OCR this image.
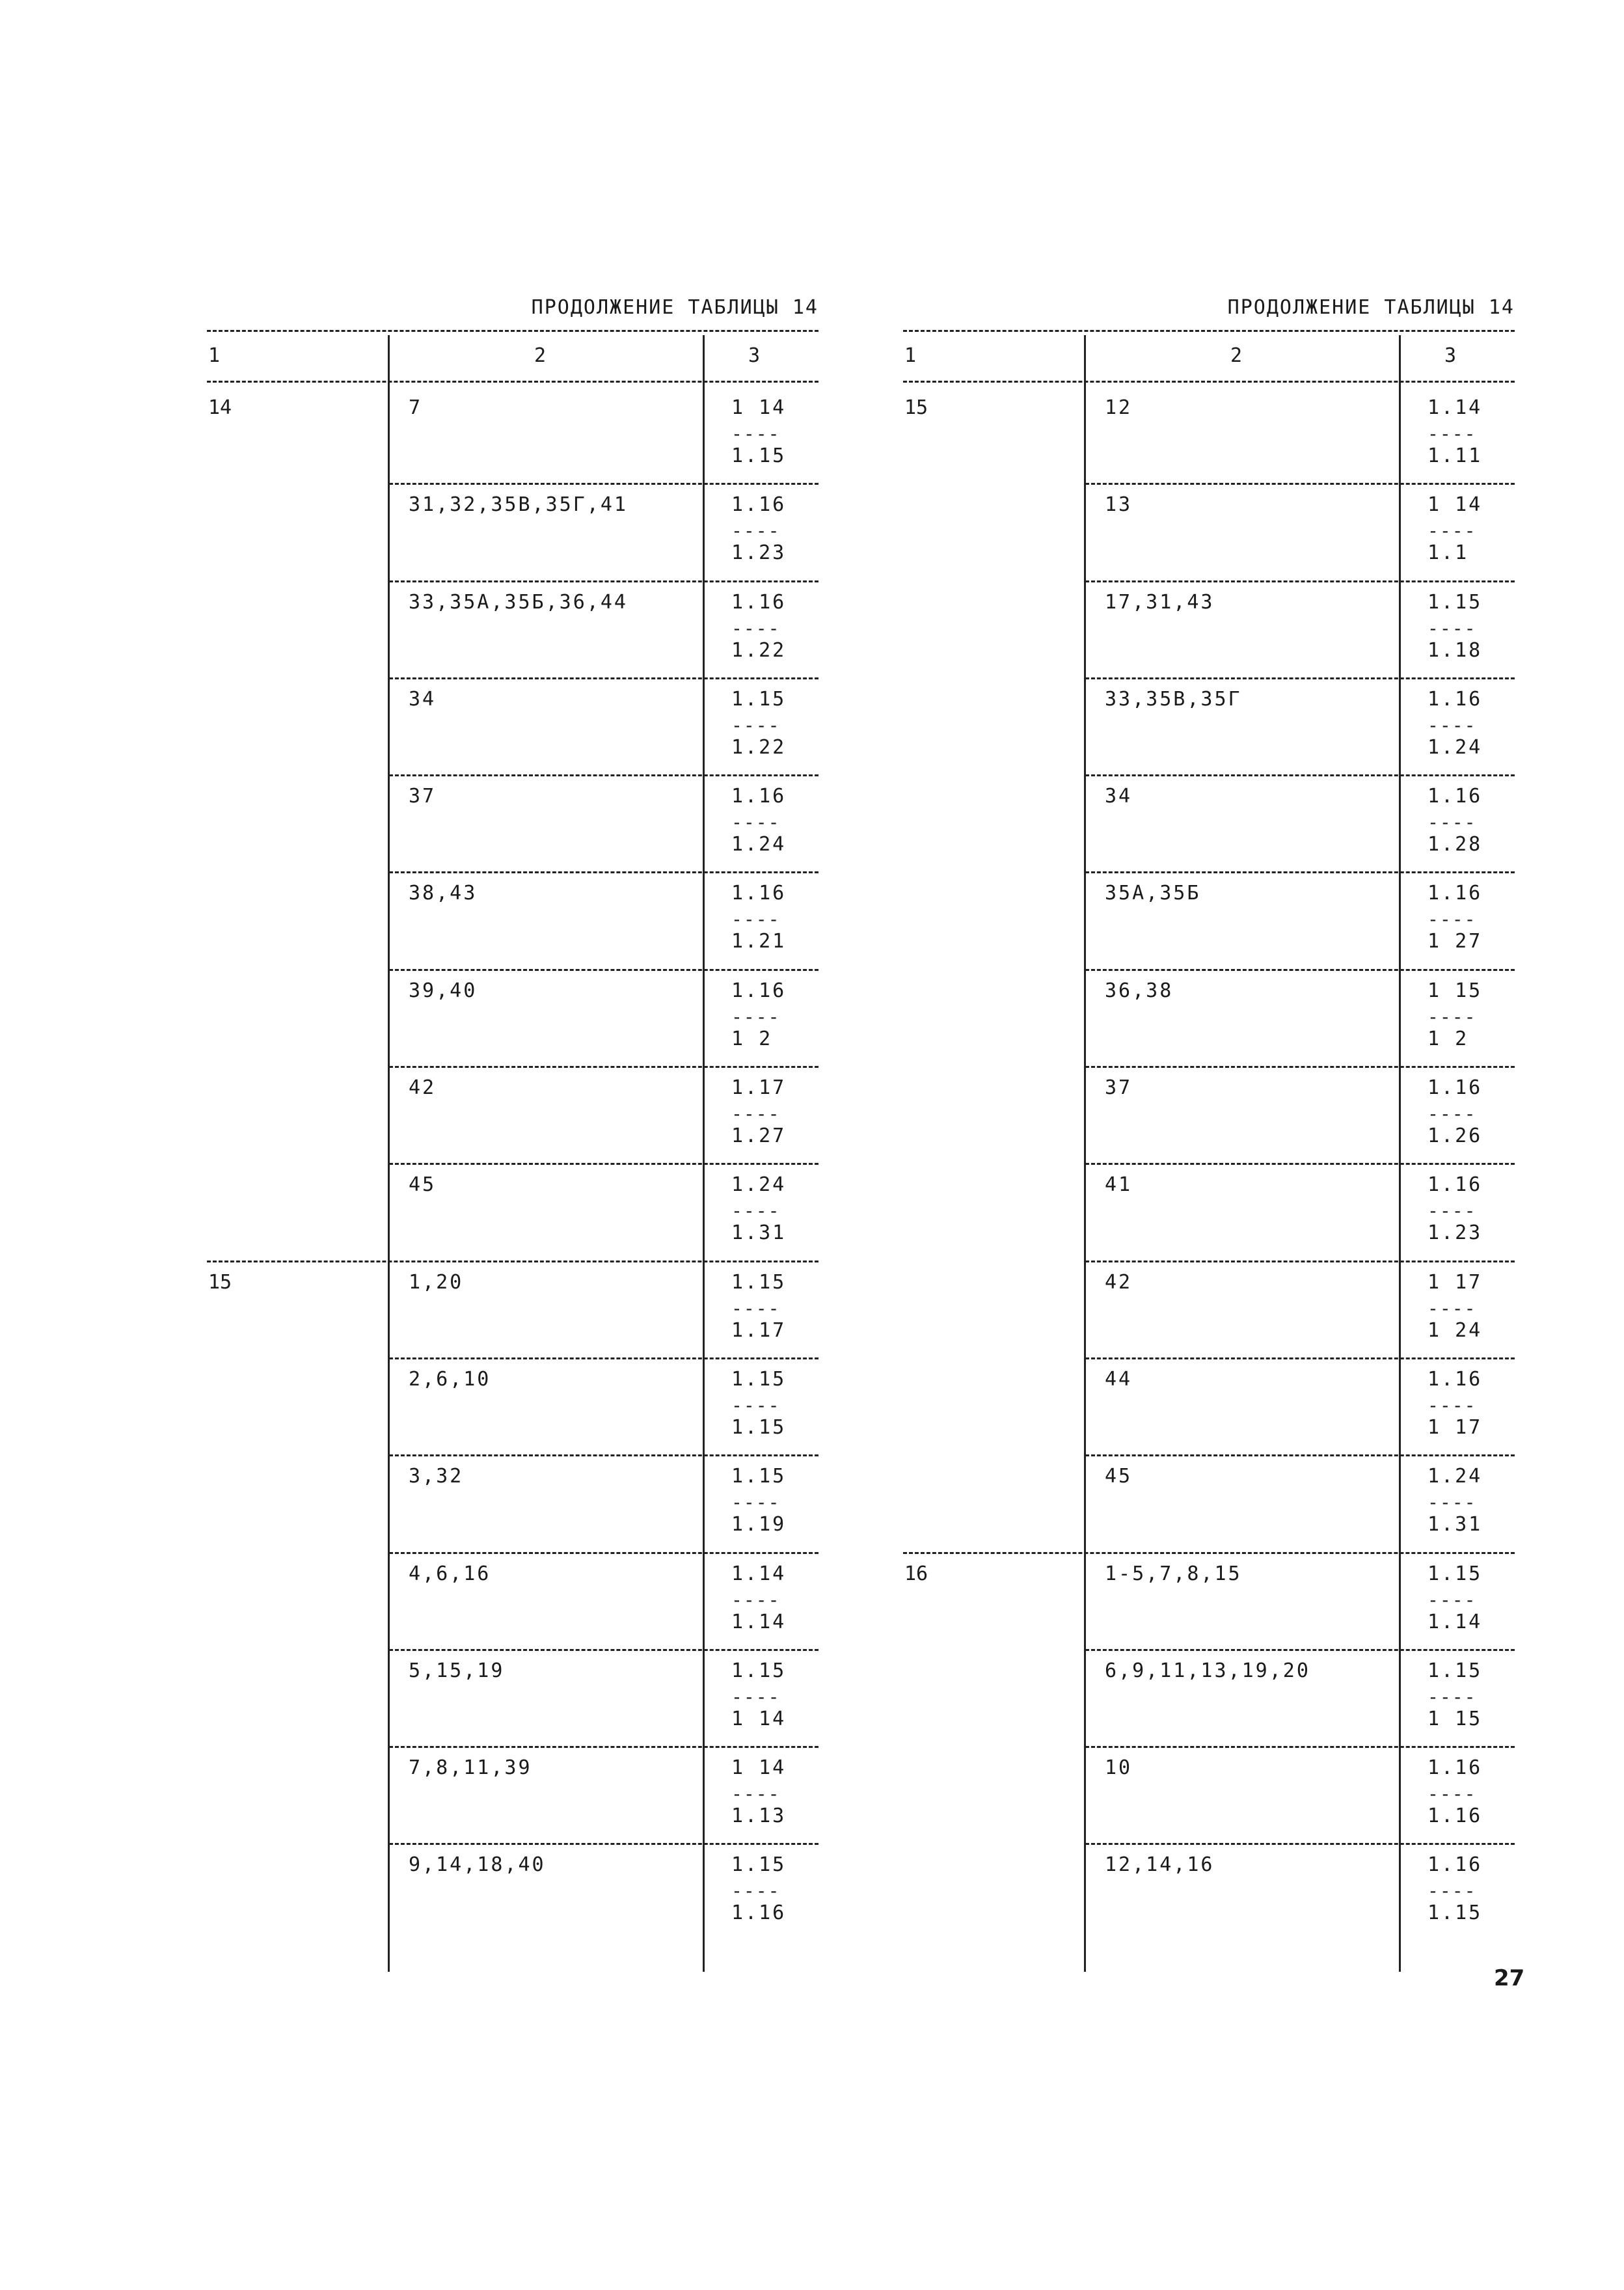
ПРОДОЛЖЕНИЕ ТАБЛИЦЫ 14
1	2	3
14	7	1 14
----
1.15
31,32,35В,35Г,41	1.16
----
1.23
33,35А,35Б,36,44	1.16
----
1.22
34	1.15
----
1.22
37	1.16
----
1.24
38,43	1.16
----
1.21
39,40	1.16
----
1 2
42	1.17
----
1.27
45	1.24
----
1.31
15	1,20	1.15
----
1.17
2,6,10	1.15
----
1.15
3,32	1.15
----
1.19
4,6,16	1.14
----
1.14
5,15,19	1.15
----
1 14
7,8,11,39	1 14
----
1.13
9,14,18,40	1.15
----
1.16
ПРОДОЛЖЕНИЕ ТАБЛИЦЫ 14
1	2	3
15	12	1.14
----
1.11
13	1 14
----
1.1
17,31,43	1.15
----
1.18
33,35В,35Г	1.16
----
1.24
34	1.16
----
1.28
35А,35Б	1.16
----
1 27
36,38	1 15
----
1 2
37	1.16
----
1.26
41	1.16
----
1.23
42	1 17
----
1 24
44	1.16
----
1 17
45	1.24
----
1.31
16	1-5,7,8,15	1.15
----
1.14
6,9,11,13,19,20	1.15
----
1 15
10	1.16
----
1.16
12,14,16	1.16
----
1.15
27
